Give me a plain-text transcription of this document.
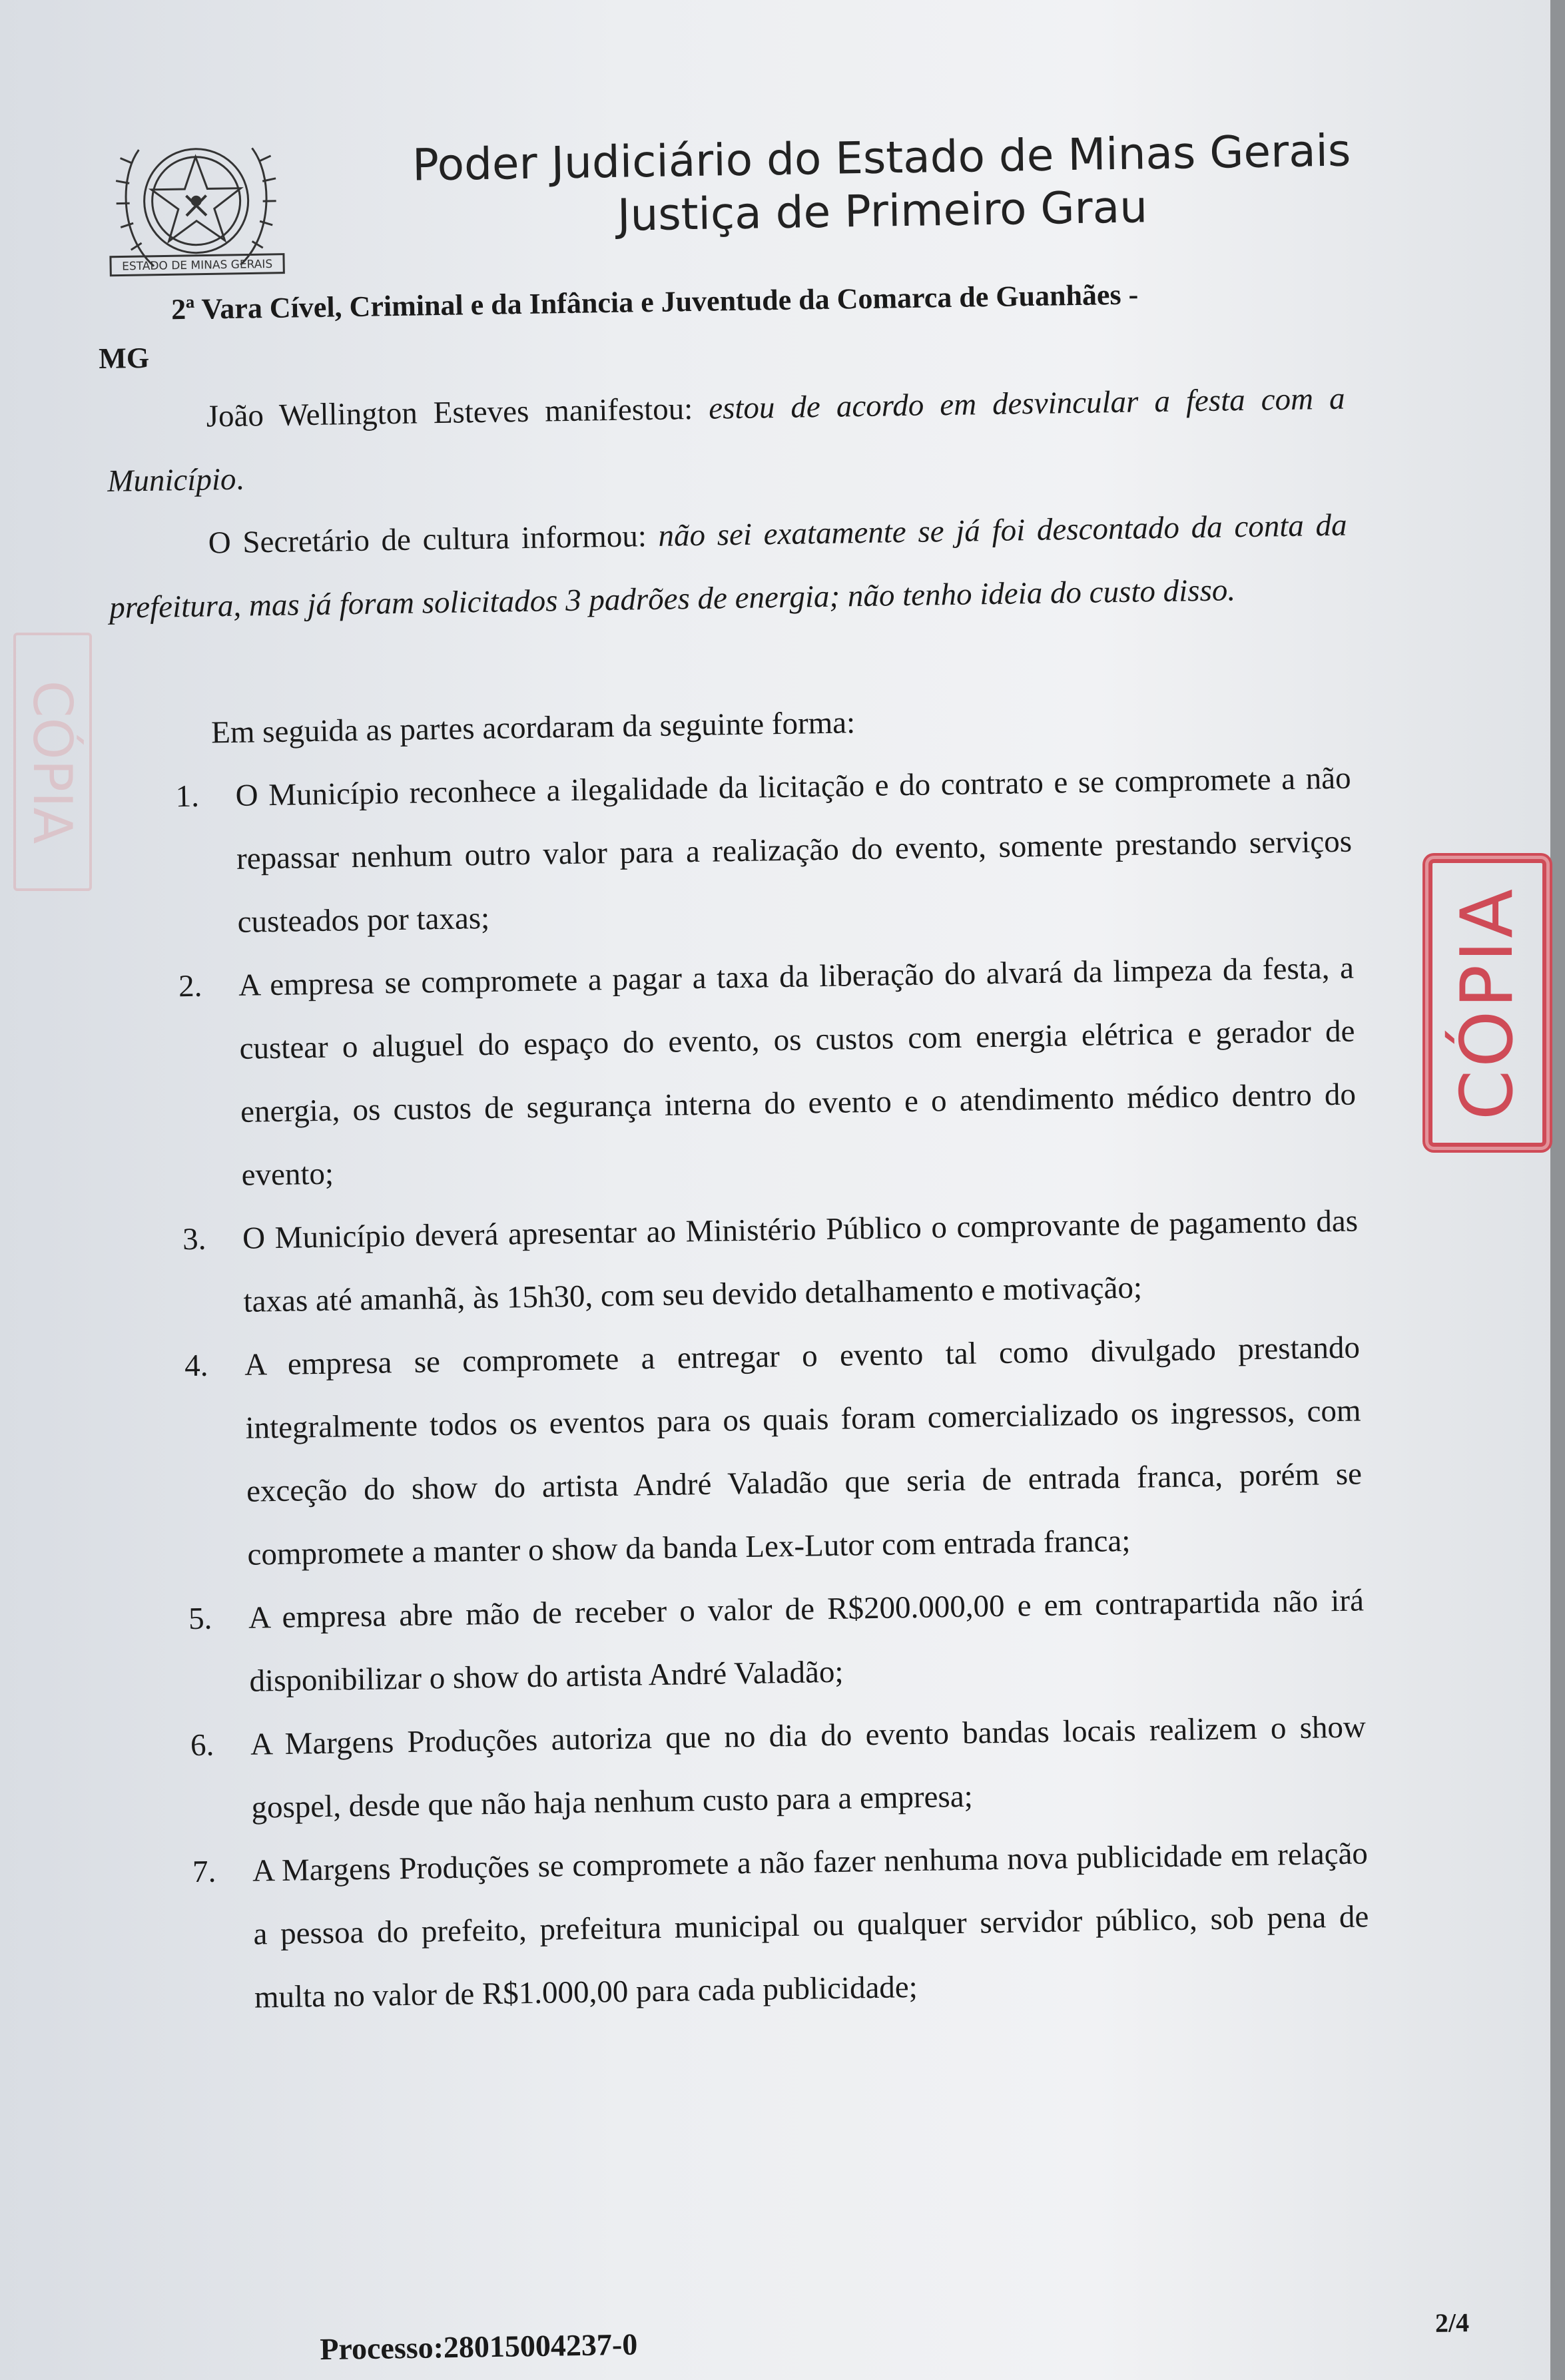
CÓPIA
ESTADO DE MINAS GERAIS
Poder Judiciário do Estado de Minas Gerais
Justiça de Primeiro Grau
2ª Vara Cível, Criminal e da Infância e Juventude da Comarca de Guanhães -
MG

João Wellington Esteves manifestou: estou de acordo em desvincular a festa com a Município.

O Secretário de cultura informou: não sei exatamente se já foi descontado da conta da prefeitura, mas já foram solicitados 3 padrões de energia; não tenho ideia do custo disso.

Em seguida as partes acordaram da seguinte forma:

1. O Município reconhece a ilegalidade da licitação e do contrato e se compromete a não repassar nenhum outro valor para a realização do evento, somente prestando serviços custeados por taxas;
2. A empresa se compromete a pagar a taxa da liberação do alvará da limpeza da festa, a custear o aluguel do espaço do evento, os custos com energia elétrica e gerador de energia, os custos de segurança interna do evento e o atendimento médico dentro do evento;
3. O Município deverá apresentar ao Ministério Público o comprovante de pagamento das taxas até amanhã, às 15h30, com seu devido detalhamento e motivação;
4. A empresa se compromete a entregar o evento tal como divulgado prestando integralmente todos os eventos para os quais foram comercializado os ingressos, com exceção do show do artista André Valadão que seria de entrada franca, porém se compromete a manter o show da banda Lex-Lutor com entrada franca;
5. A empresa abre mão de receber o valor de R$200.000,00 e em contrapartida não irá disponibilizar o show do artista André Valadão;
6. A Margens Produções autoriza que no dia do evento bandas locais realizem o show gospel, desde que não haja nenhum custo para a empresa;
7. A Margens Produções se compromete a não fazer nenhuma nova publicidade em relação a pessoa do prefeito, prefeitura municipal ou qualquer servidor público, sob pena de multa no valor de R$1.000,00 para cada publicidade;
Processo:28015004237-0
2/4
CÓPIA
